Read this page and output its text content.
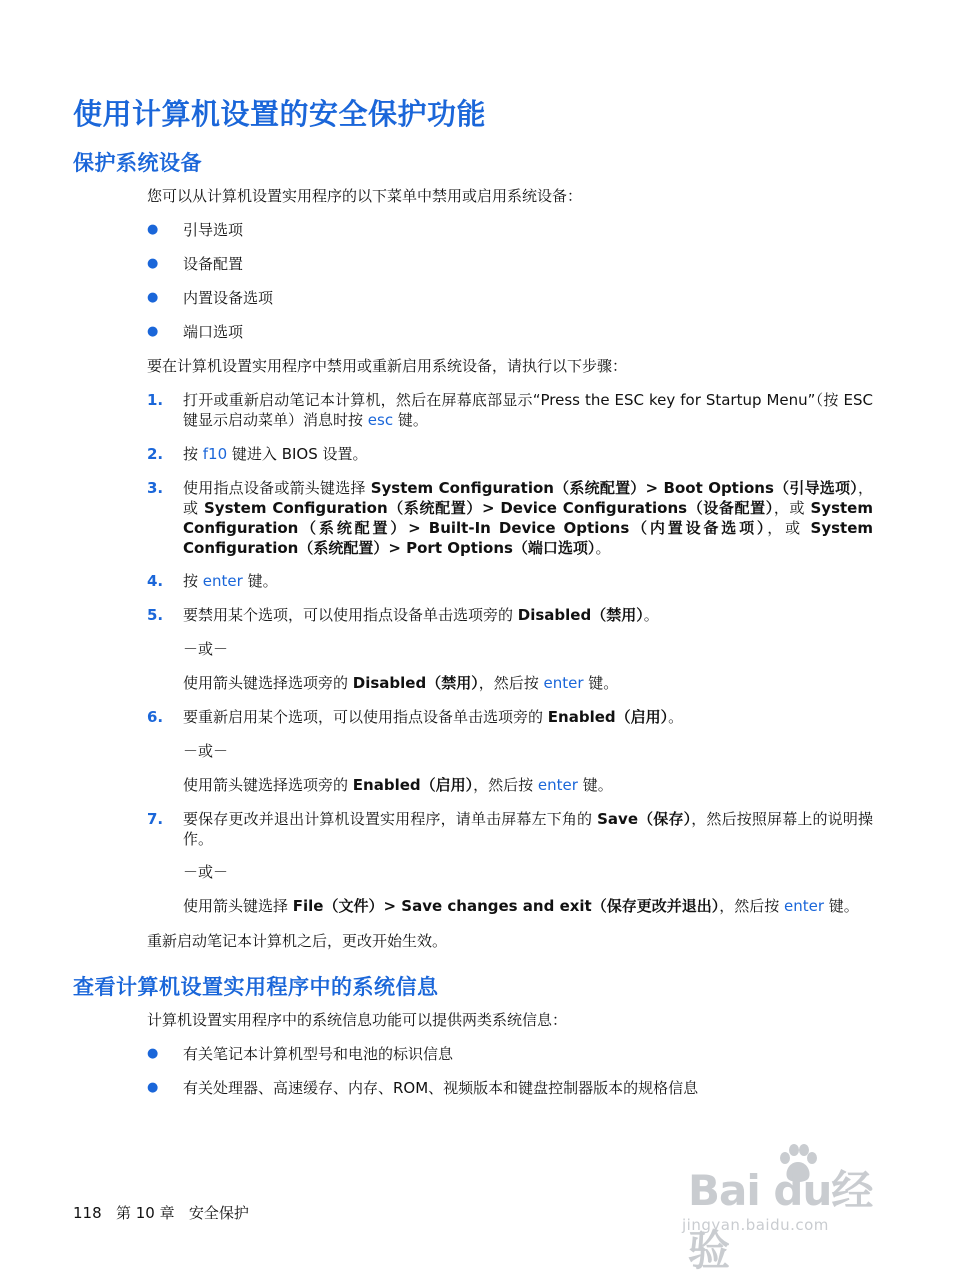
使用计算机设置的安全保护功能
保护系统设备
您可以从计算机设置实用程序的以下菜单中禁用或启用系统设备：
● 引导选项
● 设备配置
● 内置设备选项
● 端口选项
要在计算机设置实用程序中禁用或重新启用系统设备，请执行以下步骤：
1. 打开或重新启动笔记本计算机，然后在屏幕底部显示“Press the ESC key for Startup Menu”（按 ESC 键显示启动菜单）消息时按 esc 键。
2. 按 f10 键进入 BIOS 设置。
3. 使用指点设备或箭头键选择 System Configuration（系统配置）> Boot Options（引导选项），或 System Configuration（系统配置）> Device Configurations（设备配置），或 System Configuration（系统配置）> Built-In Device Options（内置设备选项），或 System Configuration（系统配置）> Port Options（端口选项）。
4. 按 enter 键。
5. 要禁用某个选项，可以使用指点设备单击选项旁的 Disabled（禁用）。
－或－
使用箭头键选择选项旁的 Disabled（禁用），然后按 enter 键。
6. 要重新启用某个选项，可以使用指点设备单击选项旁的 Enabled（启用）。
－或－
使用箭头键选择选项旁的 Enabled（启用），然后按 enter 键。
7. 要保存更改并退出计算机设置实用程序，请单击屏幕左下角的 Save（保存），然后按照屏幕上的说明操作。
－或－
使用箭头键选择 File（文件）> Save changes and exit（保存更改并退出），然后按 enter 键。
重新启动笔记本计算机之后，更改开始生效。
查看计算机设置实用程序中的系统信息
计算机设置实用程序中的系统信息功能可以提供两类系统信息：
● 有关笔记本计算机型号和电池的标识信息
● 有关处理器、高速缓存、内存、ROM、视频版本和键盘控制器版本的规格信息
118 第 10 章 安全保护	Bai du经验
jingyan.baidu.com
